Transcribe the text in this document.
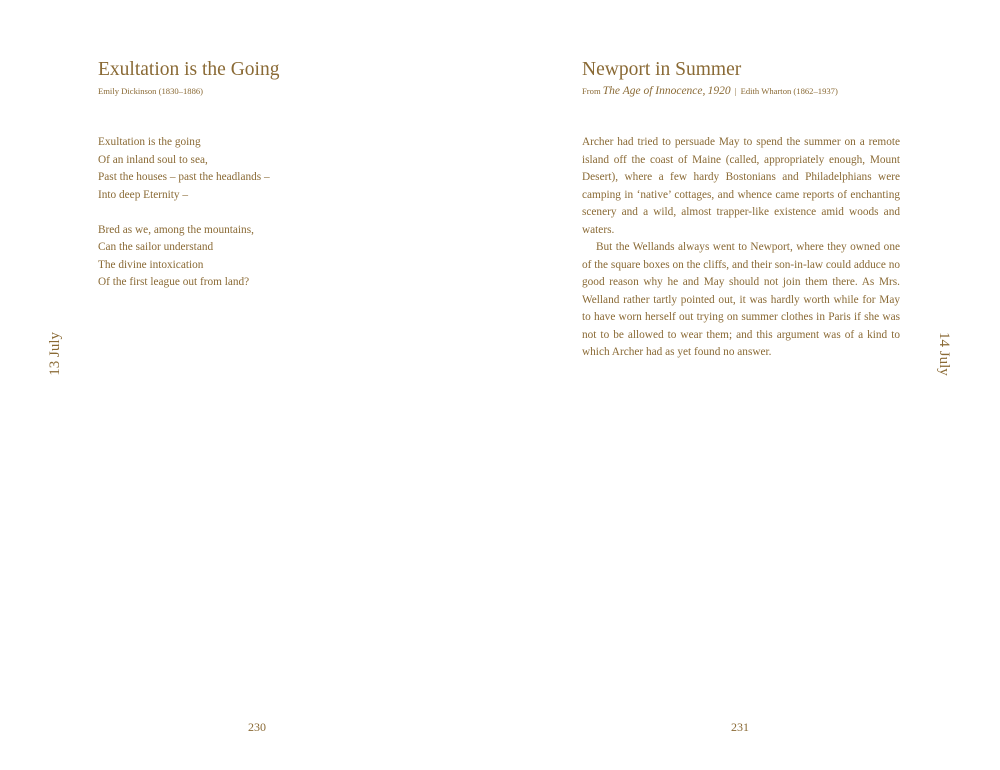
Exultation is the Going
Emily Dickinson (1830–1886)
Exultation is the going
Of an inland soul to sea,
Past the houses – past the headlands –
Into deep Eternity –
Bred as we, among the mountains,
Can the sailor understand
The divine intoxication
Of the first league out from land?
13 July
230
Newport in Summer
From The Age of Innocence, 1920 | Edith Wharton (1862–1937)

Archer had tried to persuade May to spend the summer on a remote island off the coast of Maine (called, appropriately enough, Mount Desert), where a few hardy Bostonians and Philadelphians were camping in ‘native’ cottages, and whence came reports of enchanting scenery and a wild, almost trapper-like existence amid woods and waters.

But the Wellands always went to Newport, where they owned one of the square boxes on the cliffs, and their son-in-law could adduce no good reason why he and May should not join them there. As Mrs. Welland rather tartly pointed out, it was hardly worth while for May to have worn herself out trying on summer clothes in Paris if she was not to be allowed to wear them; and this argument was of a kind to which Archer had as yet found no answer.	14 July
231
